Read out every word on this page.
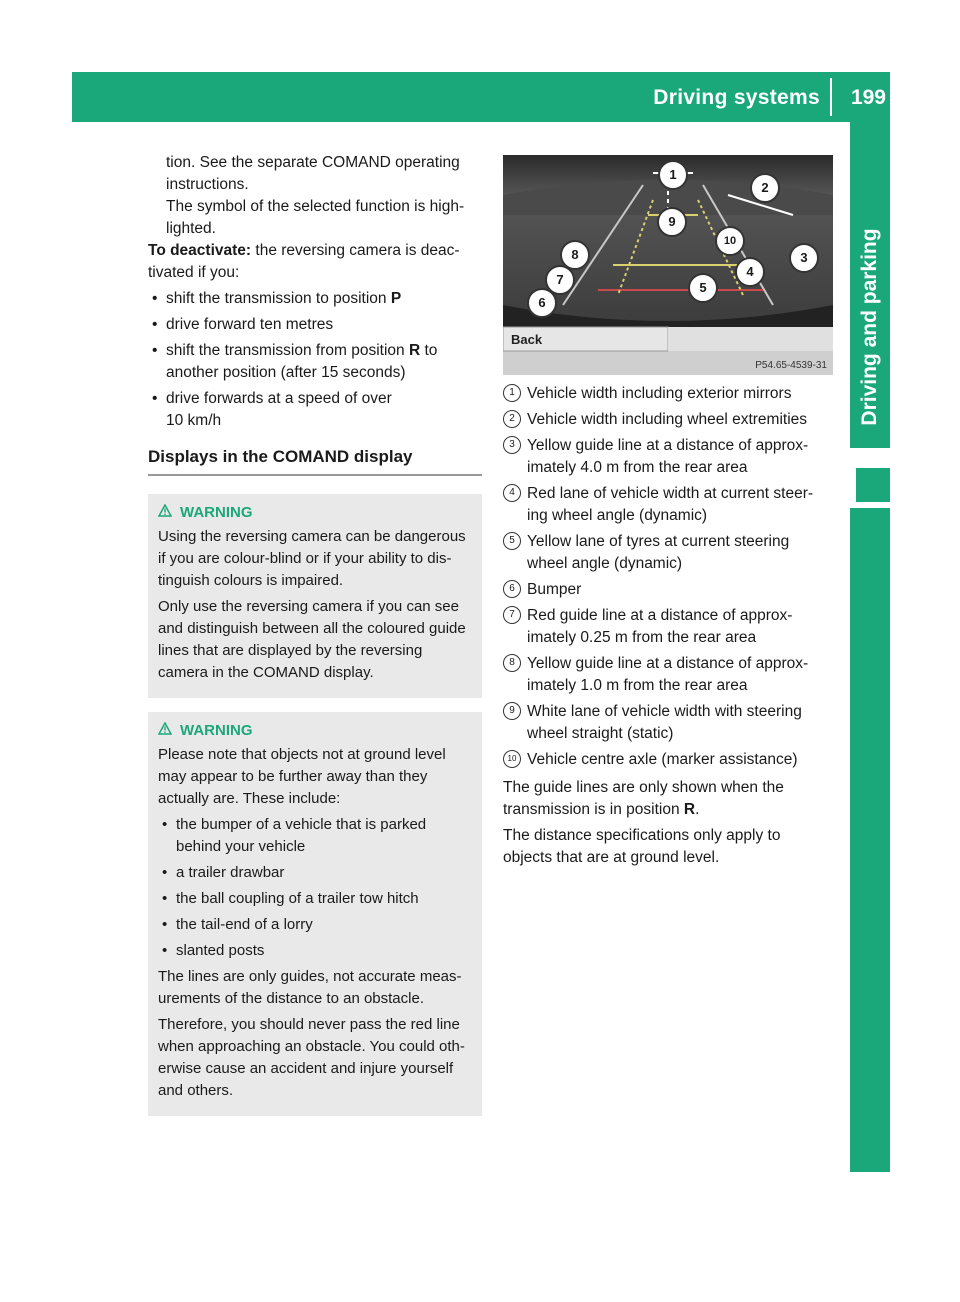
Driving systems 199
Driving and parking

tion. See the separate COMAND operating

instructions.

The symbol of the selected function is high-

lighted.

To deactivate: the reversing camera is deac-

tivated if you:

• shift the transmission to position P
• drive forward ten metres
• shift the transmission from position R to
another position (after 15 seconds)
• drive forwards at a speed of over
10 km/h
Displays in the COMAND display
WARNING

Using the reversing camera can be dangerous if you are colour-blind or if your ability to dis-tinguish colours is impaired.

Only use the reversing camera if you can see and distinguish between all the coloured guide lines that are displayed by the reversing camera in the COMAND display.

WARNING

Please note that objects not at ground level may appear to be further away than they actually are. These include:

• the bumper of a vehicle that is parked behind your vehicle
• a trailer drawbar
• the ball coupling of a trailer tow hitch
• the tail-end of a lorry
• slanted posts

The lines are only guides, not accurate meas-urements of the distance to an obstacle.

Therefore, you should never pass the red line when approaching an obstacle. You could oth-erwise cause an accident and injure yourself and others.

Back
P54.65-4539-31
1
2
3
4
5
6
7
8
9
10
1 Vehicle width including exterior mirrors
2 Vehicle width including wheel extremities
3 Yellow guide line at a distance of approx-imately 4.0 m from the rear area
4 Red lane of vehicle width at current steer-ing wheel angle (dynamic)
5 Yellow lane of tyres at current steering wheel angle (dynamic)
6 Bumper
7 Red guide line at a distance of approx-imately 0.25 m from the rear area
8 Yellow guide line at a distance of approx-imately 1.0 m from the rear area
9 White lane of vehicle width with steering wheel straight (static)
10 Vehicle centre axle (marker assistance)

The guide lines are only shown when the transmission is in position R.

The distance specifications only apply to objects that are at ground level.
